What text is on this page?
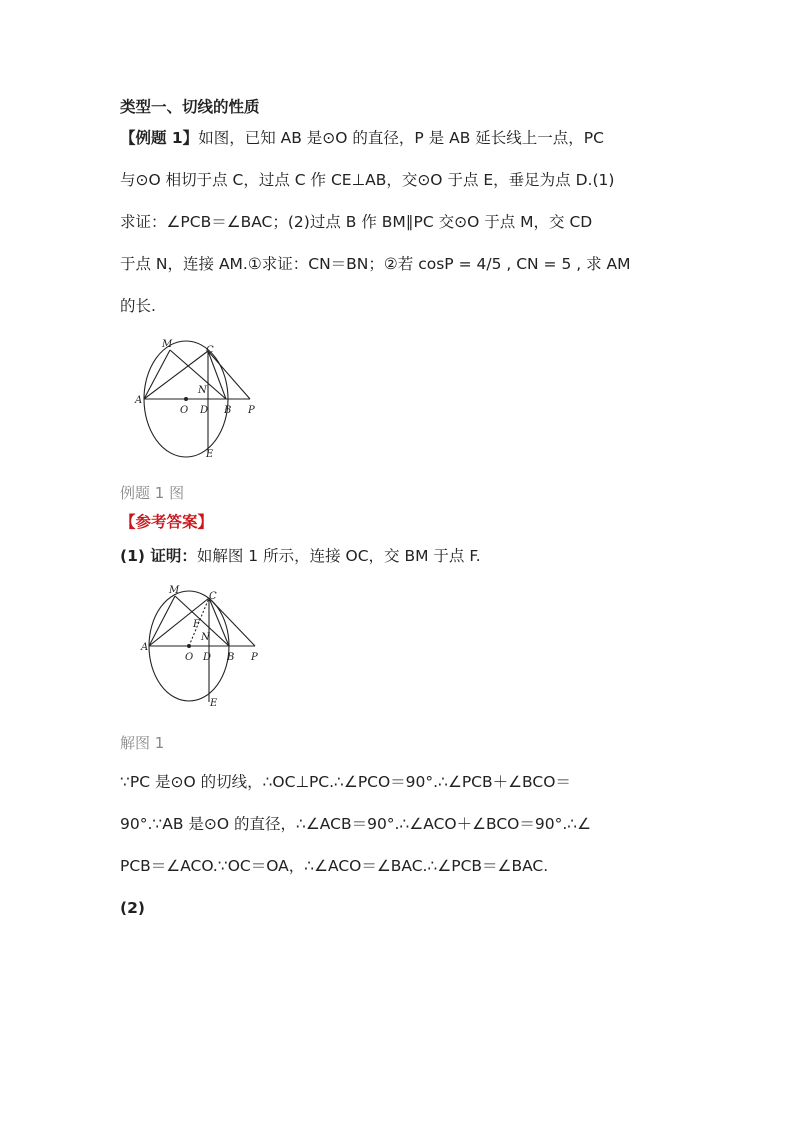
类型一、切线的性质
【例题 1】如图，已知 AB 是⊙O 的直径，P 是 AB 延长线上一点，PC
与⊙O 相切于点 C，过点 C 作 CE⊥AB，交⊙O 于点 E，垂足为点 D.(1)
求证：∠PCB＝∠BAC；(2)过点 B 作 BM∥PC 交⊙O 于点 M，交 CD
于点 N，连接 AM.①求证：CN＝BN；②若 cosP = 4/5 , CN = 5 , 求 AM
的长.
M
C
N
A
O D B P
E
例题 1 图
【参考答案】
(1) 证明：如解图 1 所示，连接 OC，交 BM 于点 F.
M
C
F
N
A
O D B P
E
解图 1
∵PC 是⊙O 的切线，∴OC⊥PC.∴∠PCO＝90°.∴∠PCB＋∠BCO＝
90°.∵AB 是⊙O 的直径，∴∠ACB＝90°.∴∠ACO＋∠BCO＝90°.∴∠
PCB＝∠ACO.∵OC＝OA，∴∠ACO＝∠BAC.∴∠PCB＝∠BAC.
(2)
